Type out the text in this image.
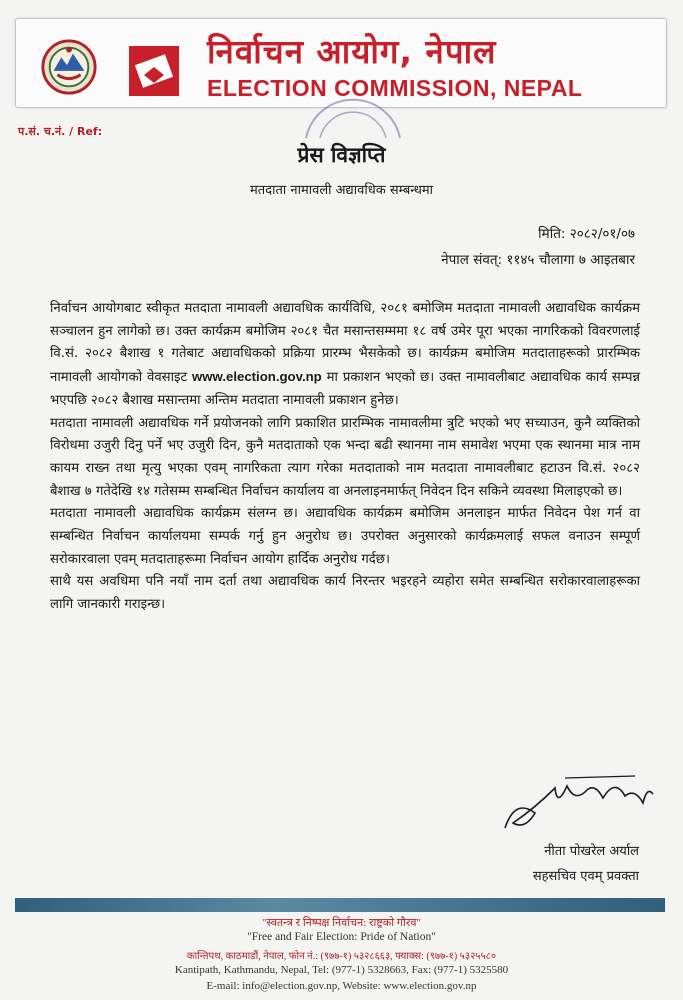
निर्वाचन आयोग, नेपाल
ELECTION COMMISSION, NEPAL
प.सं. च.नं. / Ref:
प्रेस विज्ञप्ति
मतदाता नामावली अद्यावधिक सम्बन्धमा
मिति: २०८२/०१/०७
नेपाल संवत्: ११४५ चौलागा ७ आइतबार

निर्वाचन आयोगबाट स्वीकृत मतदाता नामावली अद्यावधिक कार्यविधि, २०८१ बमोजिम मतदाता नामावली अद्यावधिक कार्यक्रम सञ्चालन हुन लागेको छ। उक्त कार्यक्रम बमोजिम २०८१ चैत मसान्तसम्ममा १८ वर्ष उमेर पूरा भएका नागरिकको विवरणलाई वि.सं. २०८२ बैशाख १ गतेबाट अद्यावधिकको प्रक्रिया प्रारम्भ भैसकेको छ। कार्यक्रम बमोजिम मतदाताहरूको प्रारम्भिक नामावली आयोगको वेवसाइट www.election.gov.np मा प्रकाशन भएको छ। उक्त नामावलीबाट अद्यावधिक कार्य सम्पन्न भएपछि २०८२ बैशाख मसान्तमा अन्तिम मतदाता नामावली प्रकाशन हुनेछ।

मतदाता नामावली अद्यावधिक गर्ने प्रयोजनको लागि प्रकाशित प्रारम्भिक नामावलीमा त्रुटि भएको भए सच्याउन, कुनै व्यक्तिको विरोधमा उजुरी दिनु पर्ने भए उजुरी दिन, कुनै मतदाताको एक भन्दा बढी स्थानमा नाम समावेश भएमा एक स्थानमा मात्र नाम कायम राख्न तथा मृत्यु भएका एवम् नागरिकता त्याग गरेका मतदाताको नाम मतदाता नामावलीबाट हटाउन वि.सं. २०८२ बैशाख ७ गतेदेखि १४ गतेसम्म सम्बन्धित निर्वाचन कार्यालय वा अनलाइनमार्फत् निवेदन दिन सकिने व्यवस्था मिलाइएको छ।

मतदाता नामावली अद्यावधिक कार्यक्रम संलग्न छ। अद्यावधिक कार्यक्रम बमोजिम अनलाइन मार्फत निवेदन पेश गर्न वा सम्बन्धित निर्वाचन कार्यालयमा सम्पर्क गर्नु हुन अनुरोध छ। उपरोक्त अनुसारको कार्यक्रमलाई सफल वनाउन सम्पूर्ण सरोकारवाला एवम् मतदाताहरूमा निर्वाचन आयोग हार्दिक अनुरोध गर्दछ।

साथै यस अवधिमा पनि नयाँ नाम दर्ता तथा अद्यावधिक कार्य निरन्तर भइरहने व्यहोरा समेत सम्बन्धित सरोकारवालाहरूका लागि जानकारी गराइन्छ।

नीता पोखरेल अर्याल
सहसचिव एवम् प्रवक्ता
"स्वतन्त्र र निष्पक्ष निर्वाचन: राष्ट्रको गौरव"
"Free and Fair Election: Pride of Nation"
कान्तिपथ, काठमाडौं, नेपाल, फोन नं.: (९७७-१) ५३२८६६३, फ्याक्स: (९७७-१) ५३२५५८०
Kantipath, Kathmandu, Nepal, Tel: (977-1) 5328663, Fax: (977-1) 5325580
E-mail: info@election.gov.np, Website: www.election.gov.np
